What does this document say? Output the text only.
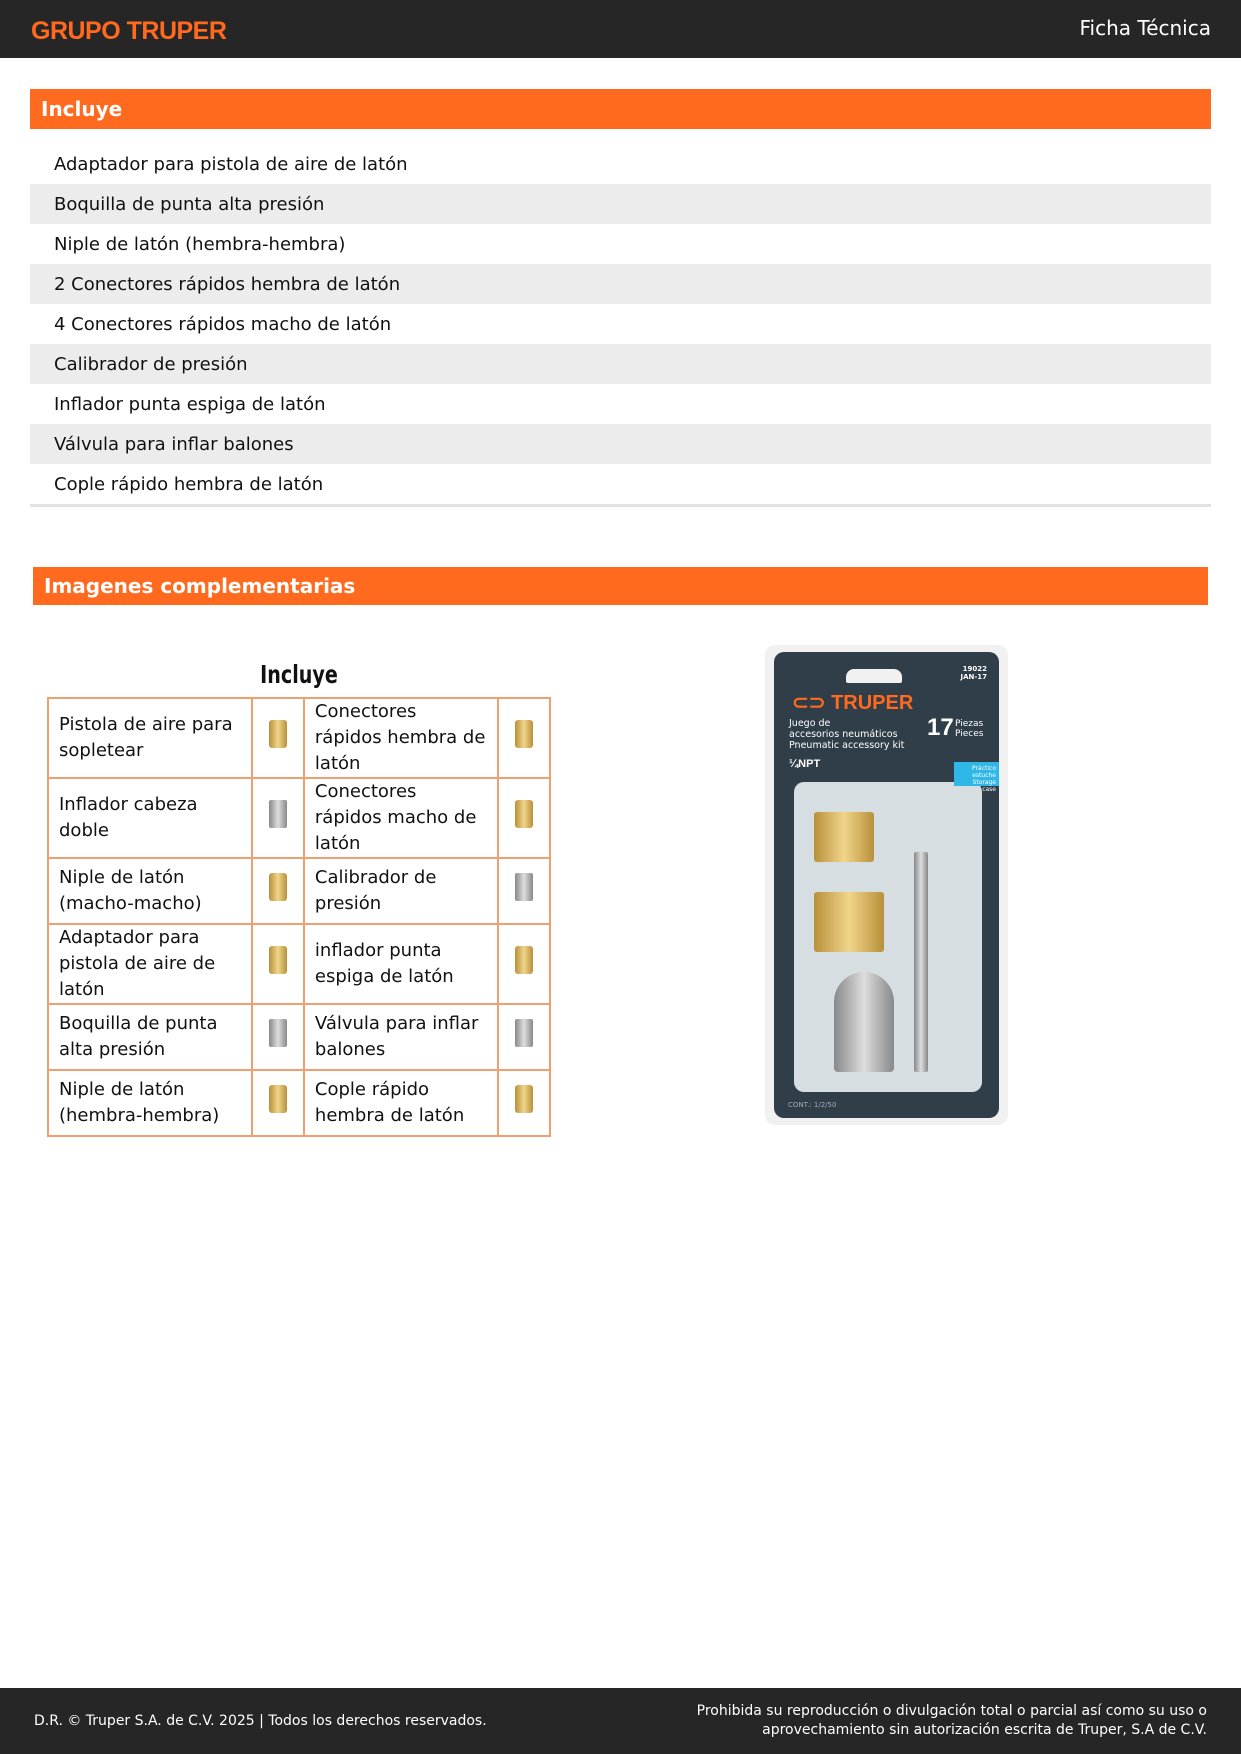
GRUPO TRUPER	Ficha Técnica
Incluye
Adaptador para pistola de aire de latón
Boquilla de punta alta presión
Niple de latón (hembra-hembra)
2 Conectores rápidos hembra de latón
4 Conectores rápidos macho de latón
Calibrador de presión
Inflador punta espiga de latón
Válvula para inflar balones
Cople rápido hembra de latón
Imagenes complementarias
Incluye
Pistola de aire para sopletear		Conectores rápidos hembra de latón	
Inflador cabeza doble		Conectores rápidos macho de latón	
Niple de latón (macho-macho)		Calibrador de presión	
Adaptador para pistola de aire de latón		inflador punta espiga de latón	
Boquilla de punta alta presión		Válvula para inflar balones	
Niple de latón (hembra-hembra)		Cople rápido hembra de latón	
19022
JAN-17
⊂⊃ TRUPER
Juego de
accesorios neumáticos
Pneumatic accessory kit
17 Piezas
Pieces
¼NPT	Práctico
estuche
Storage case
CONT.: 1/2/50
D.R. © Truper S.A. de C.V. 2025 | Todos los derechos reservados.
Prohibida su reproducción o divulgación total o parcial así como su uso o aprovechamiento sin autorización escrita de Truper, S.A de C.V.
